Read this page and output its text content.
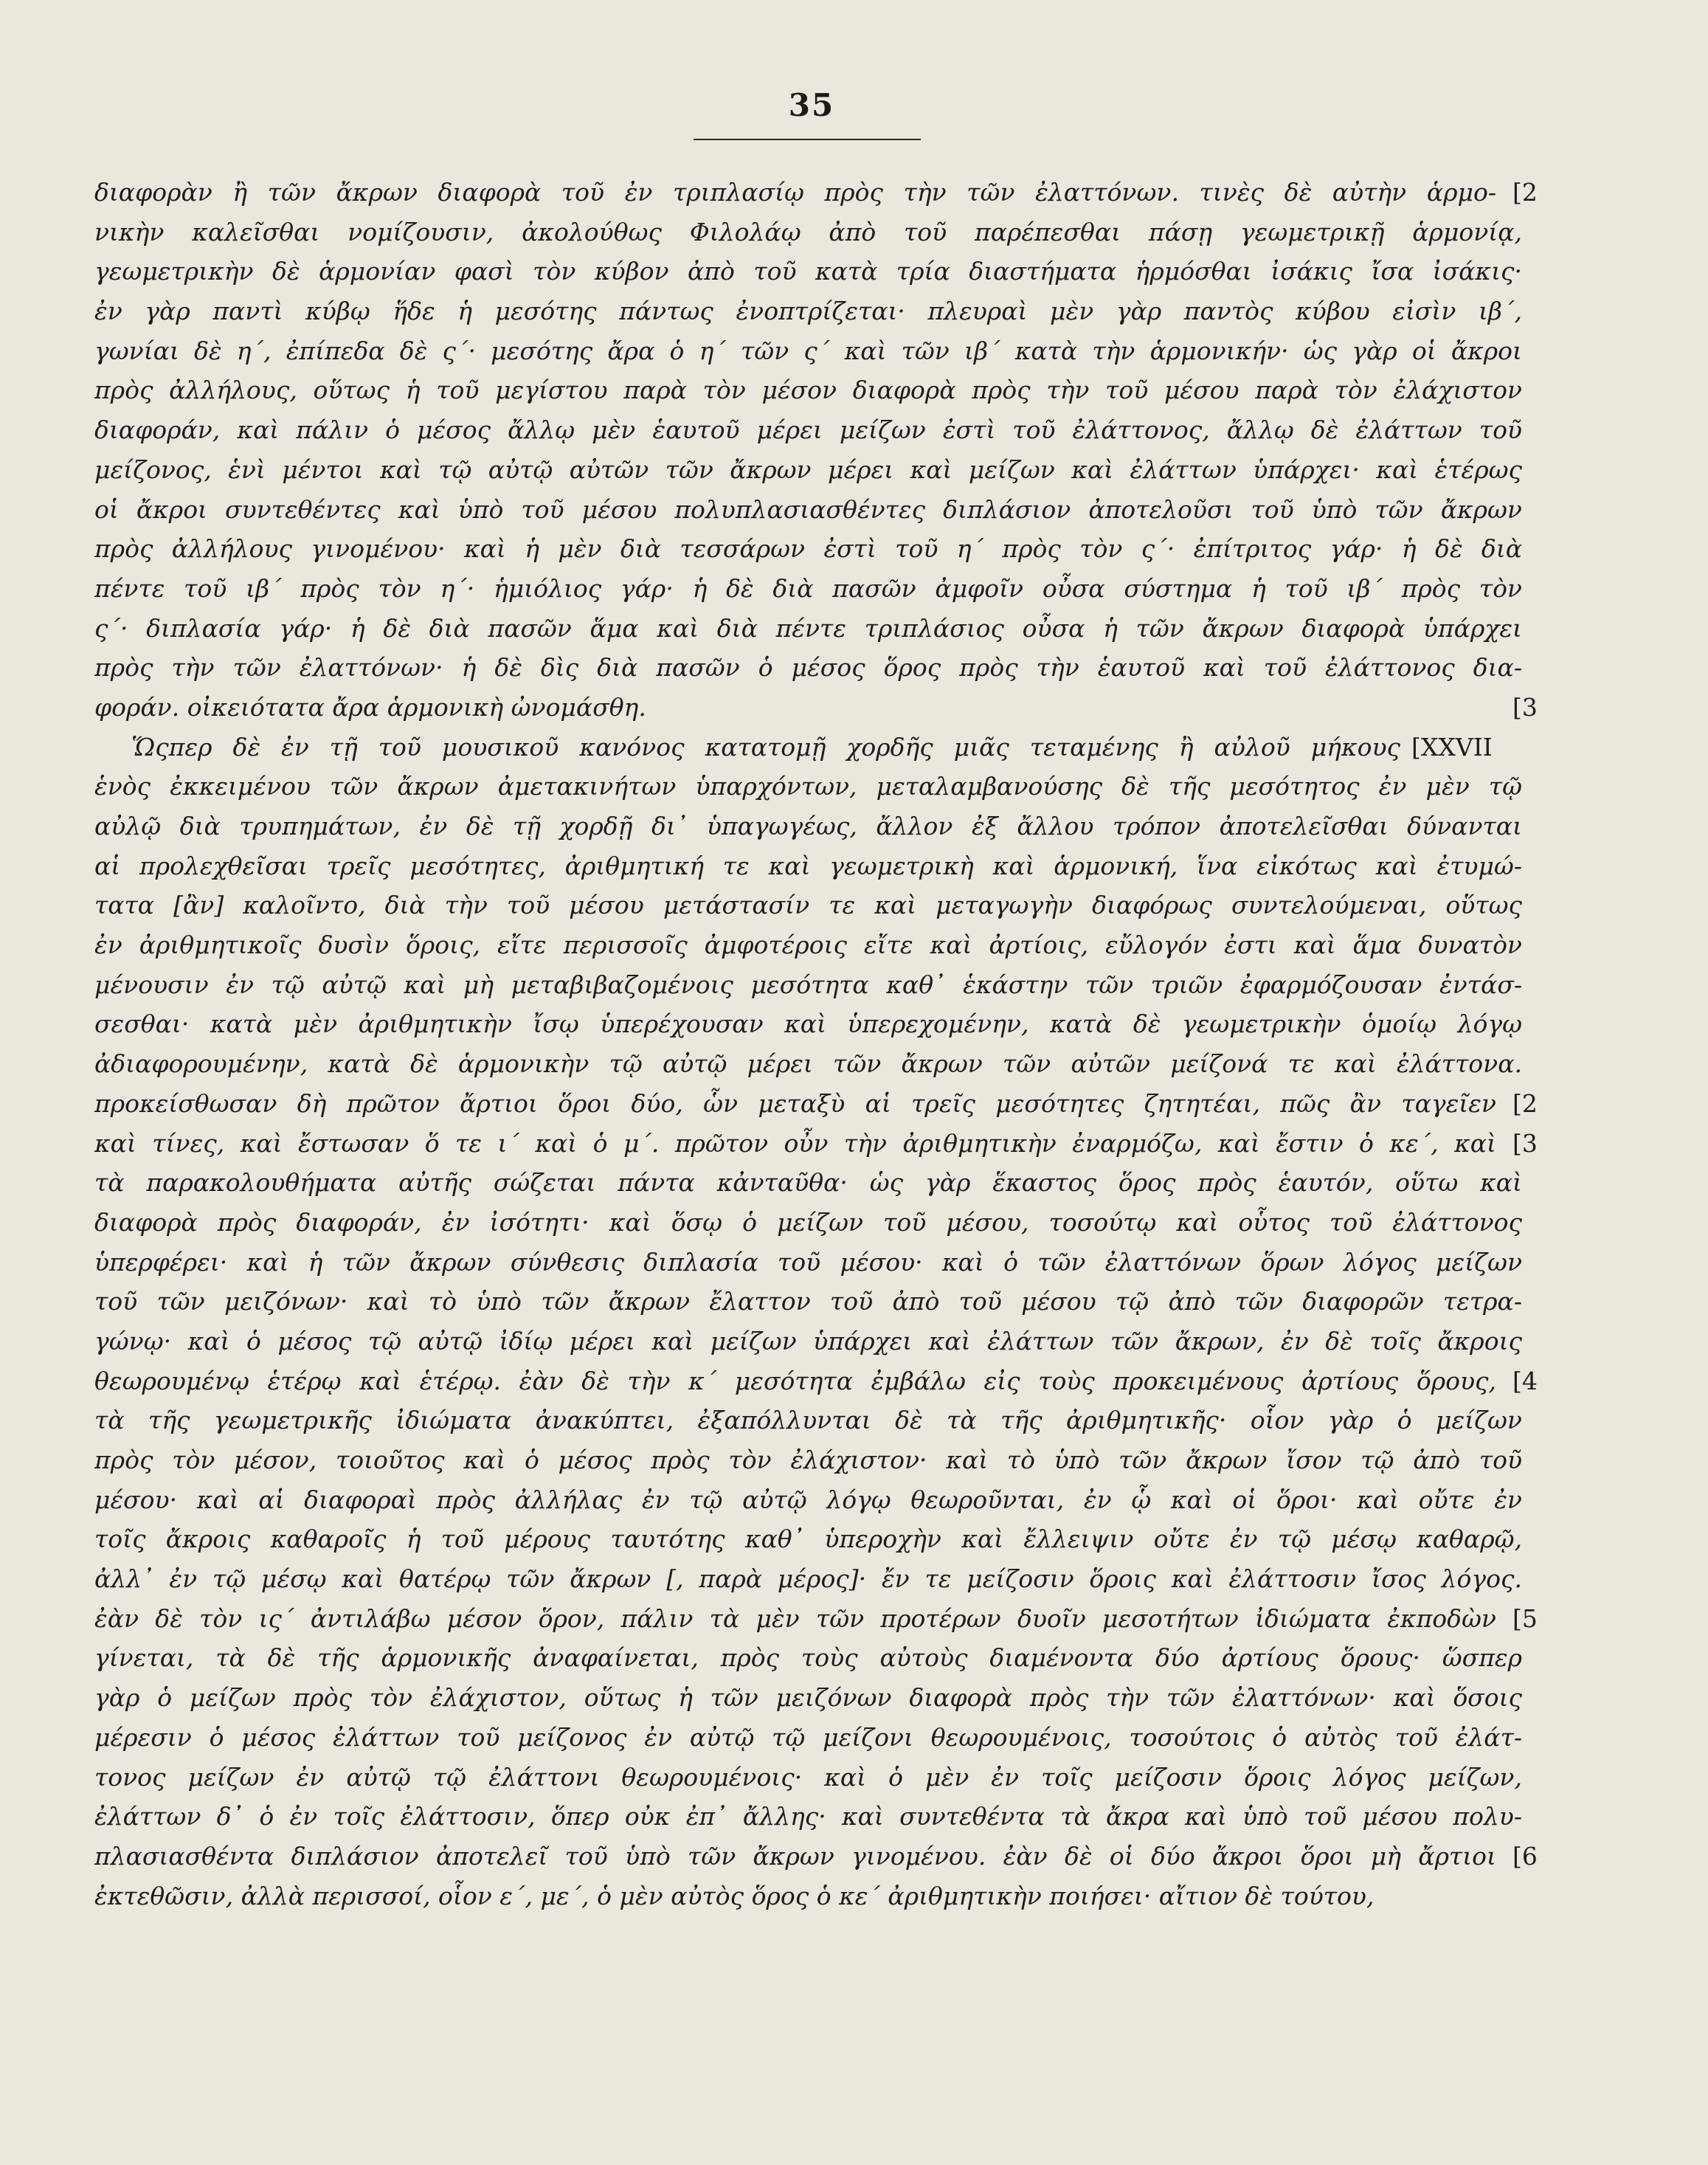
35
διαφορὰν ἢ τῶν ἄκρων διαφορὰ τοῦ ἐν τριπλασίῳ πρὸς τὴν τῶν ἐλαττόνων. τινὲς δὲ αὐτὴν ἁρμο-
νικὴν καλεῖσθαι νομίζουσιν, ἀκολούθως Φιλολάῳ ἀπὸ τοῦ παρέπεσθαι πάσῃ γεωμετρικῇ ἁρμονίᾳ,
γεωμετρικὴν δὲ ἁρμονίαν φασὶ τὸν κύβον ἀπὸ τοῦ κατὰ τρία διαστήματα ἡρμόσθαι ἰσάκις ἴσα ἰσάκις·
ἐν γὰρ παντὶ κύβῳ ἥδε ἡ μεσότης πάντως ἐνοπτρίζεται· πλευραὶ μὲν γὰρ παντὸς κύβου εἰσὶν ιβ΄,
γωνίαι δὲ η΄, ἐπίπεδα δὲ ς΄· μεσότης ἄρα ὁ η΄ τῶν ς΄ καὶ τῶν ιβ΄ κατὰ τὴν ἁρμονικήν· ὡς γὰρ οἱ ἄκροι
πρὸς ἀλλήλους, οὕτως ἡ τοῦ μεγίστου παρὰ τὸν μέσον διαφορὰ πρὸς τὴν τοῦ μέσου παρὰ τὸν ἐλάχιστον
διαφοράν, καὶ πάλιν ὁ μέσος ἄλλῳ μὲν ἑαυτοῦ μέρει μείζων ἐστὶ τοῦ ἐλάττονος, ἄλλῳ δὲ ἐλάττων τοῦ
μείζονος, ἑνὶ μέντοι καὶ τῷ αὐτῷ αὐτῶν τῶν ἄκρων μέρει καὶ μείζων καὶ ἐλάττων ὑπάρχει· καὶ ἑτέρως
οἱ ἄκροι συντεθέντες καὶ ὑπὸ τοῦ μέσου πολυπλασιασθέντες διπλάσιον ἀποτελοῦσι τοῦ ὑπὸ τῶν ἄκρων
πρὸς ἀλλήλους γινομένου· καὶ ἡ μὲν διὰ τεσσάρων ἐστὶ τοῦ η΄ πρὸς τὸν ς΄· ἐπίτριτος γάρ· ἡ δὲ διὰ
πέντε τοῦ ιβ΄ πρὸς τὸν η΄· ἡμιόλιος γάρ· ἡ δὲ διὰ πασῶν ἀμφοῖν οὖσα σύστημα ἡ τοῦ ιβ΄ πρὸς τὸν
ς΄· διπλασία γάρ· ἡ δὲ διὰ πασῶν ἅμα καὶ διὰ πέντε τριπλάσιος οὖσα ἡ τῶν ἄκρων διαφορὰ ὑπάρχει
πρὸς τὴν τῶν ἐλαττόνων· ἡ δὲ δὶς διὰ πασῶν ὁ μέσος ὅρος πρὸς τὴν ἑαυτοῦ καὶ τοῦ ἐλάττονος δια-
φοράν. οἰκειότατα ἄρα ἁρμονικὴ ὠνομάσθη.
Ὥςπερ δὲ ἐν τῇ τοῦ μουσικοῦ κανόνος κατατομῇ χορδῆς μιᾶς τεταμένης ἢ αὐλοῦ μήκους
ἑνὸς ἐκκειμένου τῶν ἄκρων ἀμετακινήτων ὑπαρχόντων, μεταλαμβανούσης δὲ τῆς μεσότητος ἐν μὲν τῷ
αὐλῷ διὰ τρυπημάτων, ἐν δὲ τῇ χορδῇ δι᾽ ὑπαγωγέως, ἄλλον ἐξ ἄλλου τρόπον ἀποτελεῖσθαι δύνανται
αἱ προλεχθεῖσαι τρεῖς μεσότητες, ἀριθμητική τε καὶ γεωμετρικὴ καὶ ἁρμονική, ἵνα εἰκότως καὶ ἐτυμώ-
τατα [ἂν] καλοῖντο, διὰ τὴν τοῦ μέσου μετάστασίν τε καὶ μεταγωγὴν διαφόρως συντελούμεναι, οὕτως
ἐν ἀριθμητικοῖς δυσὶν ὅροις, εἴτε περισσοῖς ἀμφοτέροις εἴτε καὶ ἀρτίοις, εὔλογόν ἐστι καὶ ἅμα δυνατὸν
μένουσιν ἐν τῷ αὐτῷ καὶ μὴ μεταβιβαζομένοις μεσότητα καθ᾽ ἑκάστην τῶν τριῶν ἐφαρμόζουσαν ἐντάσ-
σεσθαι· κατὰ μὲν ἀριθμητικὴν ἴσῳ ὑπερέχουσαν καὶ ὑπερεχομένην, κατὰ δὲ γεωμετρικὴν ὁμοίῳ λόγῳ
ἀδιαφορουμένην, κατὰ δὲ ἁρμονικὴν τῷ αὐτῷ μέρει τῶν ἄκρων τῶν αὐτῶν μείζονά τε καὶ ἐλάττονα.
προκείσθωσαν δὴ πρῶτον ἄρτιοι ὅροι δύο, ὧν μεταξὺ αἱ τρεῖς μεσότητες ζητητέαι, πῶς ἂν ταγεῖεν
καὶ τίνες, καὶ ἔστωσαν ὅ τε ι΄ καὶ ὁ μ΄. πρῶτον οὖν τὴν ἀριθμητικὴν ἐναρμόζω, καὶ ἔστιν ὁ κε΄, καὶ
τὰ παρακολουθήματα αὐτῆς σώζεται πάντα κἀνταῦθα· ὡς γὰρ ἕκαστος ὅρος πρὸς ἑαυτόν, οὕτω καὶ
διαφορὰ πρὸς διαφοράν, ἐν ἰσότητι· καὶ ὅσῳ ὁ μείζων τοῦ μέσου, τοσούτῳ καὶ οὗτος τοῦ ἐλάττονος
ὑπερφέρει· καὶ ἡ τῶν ἄκρων σύνθεσις διπλασία τοῦ μέσου· καὶ ὁ τῶν ἐλαττόνων ὅρων λόγος μείζων
τοῦ τῶν μειζόνων· καὶ τὸ ὑπὸ τῶν ἄκρων ἔλαττον τοῦ ἀπὸ τοῦ μέσου τῷ ἀπὸ τῶν διαφορῶν τετρα-
γώνῳ· καὶ ὁ μέσος τῷ αὐτῷ ἰδίῳ μέρει καὶ μείζων ὑπάρχει καὶ ἐλάττων τῶν ἄκρων, ἐν δὲ τοῖς ἄκροις
θεωρουμένῳ ἑτέρῳ καὶ ἑτέρῳ. ἐὰν δὲ τὴν κ΄ μεσότητα ἐμβάλω εἰς τοὺς προκειμένους ἀρτίους ὅρους,
τὰ τῆς γεωμετρικῆς ἰδιώματα ἀνακύπτει, ἐξαπόλλυνται δὲ τὰ τῆς ἀριθμητικῆς· οἷον γὰρ ὁ μείζων
πρὸς τὸν μέσον, τοιοῦτος καὶ ὁ μέσος πρὸς τὸν ἐλάχιστον· καὶ τὸ ὑπὸ τῶν ἄκρων ἴσον τῷ ἀπὸ τοῦ
μέσου· καὶ αἱ διαφοραὶ πρὸς ἀλλήλας ἐν τῷ αὐτῷ λόγῳ θεωροῦνται, ἐν ᾧ καὶ οἱ ὅροι· καὶ οὔτε ἐν
τοῖς ἄκροις καθαροῖς ἡ τοῦ μέρους ταυτότης καθ᾽ ὑπεροχὴν καὶ ἔλλειψιν οὔτε ἐν τῷ μέσῳ καθαρῷ,
ἀλλ᾽ ἐν τῷ μέσῳ καὶ θατέρῳ τῶν ἄκρων [, παρὰ μέρος]· ἔν τε μείζοσιν ὅροις καὶ ἐλάττοσιν ἴσος λόγος.
ἐὰν δὲ τὸν ις΄ ἀντιλάβω μέσον ὅρον, πάλιν τὰ μὲν τῶν προτέρων δυοῖν μεσοτήτων ἰδιώματα ἐκποδὼν
γίνεται, τὰ δὲ τῆς ἁρμονικῆς ἀναφαίνεται, πρὸς τοὺς αὐτοὺς διαμένοντα δύο ἀρτίους ὅρους· ὥσπερ
γὰρ ὁ μείζων πρὸς τὸν ἐλάχιστον, οὕτως ἡ τῶν μειζόνων διαφορὰ πρὸς τὴν τῶν ἐλαττόνων· καὶ ὅσοις
μέρεσιν ὁ μέσος ἐλάττων τοῦ μείζονος ἐν αὐτῷ τῷ μείζονι θεωρουμένοις, τοσούτοις ὁ αὐτὸς τοῦ ἐλάτ-
τονος μείζων ἐν αὐτῷ τῷ ἐλάττονι θεωρουμένοις· καὶ ὁ μὲν ἐν τοῖς μείζοσιν ὅροις λόγος μείζων,
ἐλάττων δ᾽ ὁ ἐν τοῖς ἐλάττοσιν, ὅπερ οὐκ ἐπ᾽ ἄλλης· καὶ συντεθέντα τὰ ἄκρα καὶ ὑπὸ τοῦ μέσου πολυ-
πλασιασθέντα διπλάσιον ἀποτελεῖ τοῦ ὑπὸ τῶν ἄκρων γινομένου. ἐὰν δὲ οἱ δύο ἄκροι ὅροι μὴ ἄρτιοι
ἐκτεθῶσιν, ἀλλὰ περισσοί, οἷον ε΄, με΄, ὁ μὲν αὐτὸς ὅρος ὁ κε΄ ἀριθμητικὴν ποιήσει· αἴτιον δὲ τούτου,
[2
[3
[XXVII
[2
[3
[4
[5
[6
